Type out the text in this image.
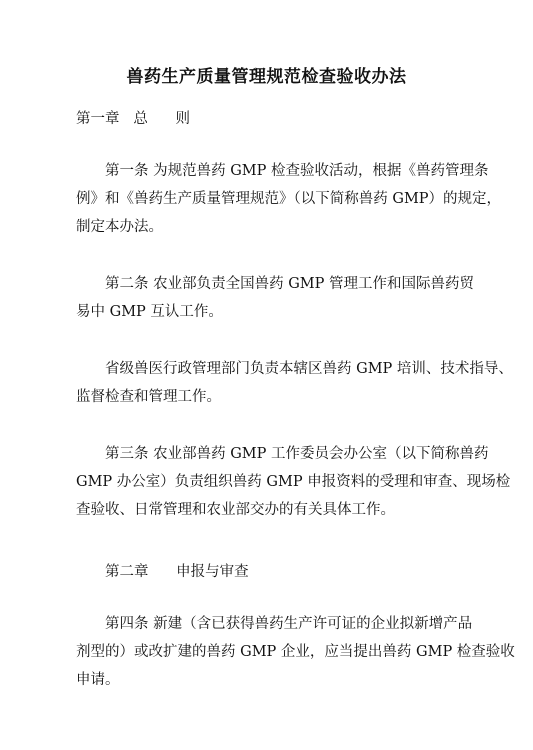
兽药生产质量管理规范检查验收办法
第一章   总      则
第一条 为规范兽药 GMP 检查验收活动，根据《兽药管理条
例》和《兽药生产质量管理规范》（以下简称兽药 GMP）的规定，
制定本办法。
第二条 农业部负责全国兽药 GMP 管理工作和国际兽药贸
易中 GMP 互认工作。
省级兽医行政管理部门负责本辖区兽药 GMP 培训、技术指导、
监督检查和管理工作。
第三条 农业部兽药 GMP 工作委员会办公室（以下简称兽药
GMP 办公室）负责组织兽药 GMP 申报资料的受理和审查、现场检
查验收、日常管理和农业部交办的有关具体工作。
第二章      申报与审查
第四条 新建（含已获得兽药生产许可证的企业拟新增产品
剂型的）或改扩建的兽药 GMP 企业，应当提出兽药 GMP 检查验收
申请。
